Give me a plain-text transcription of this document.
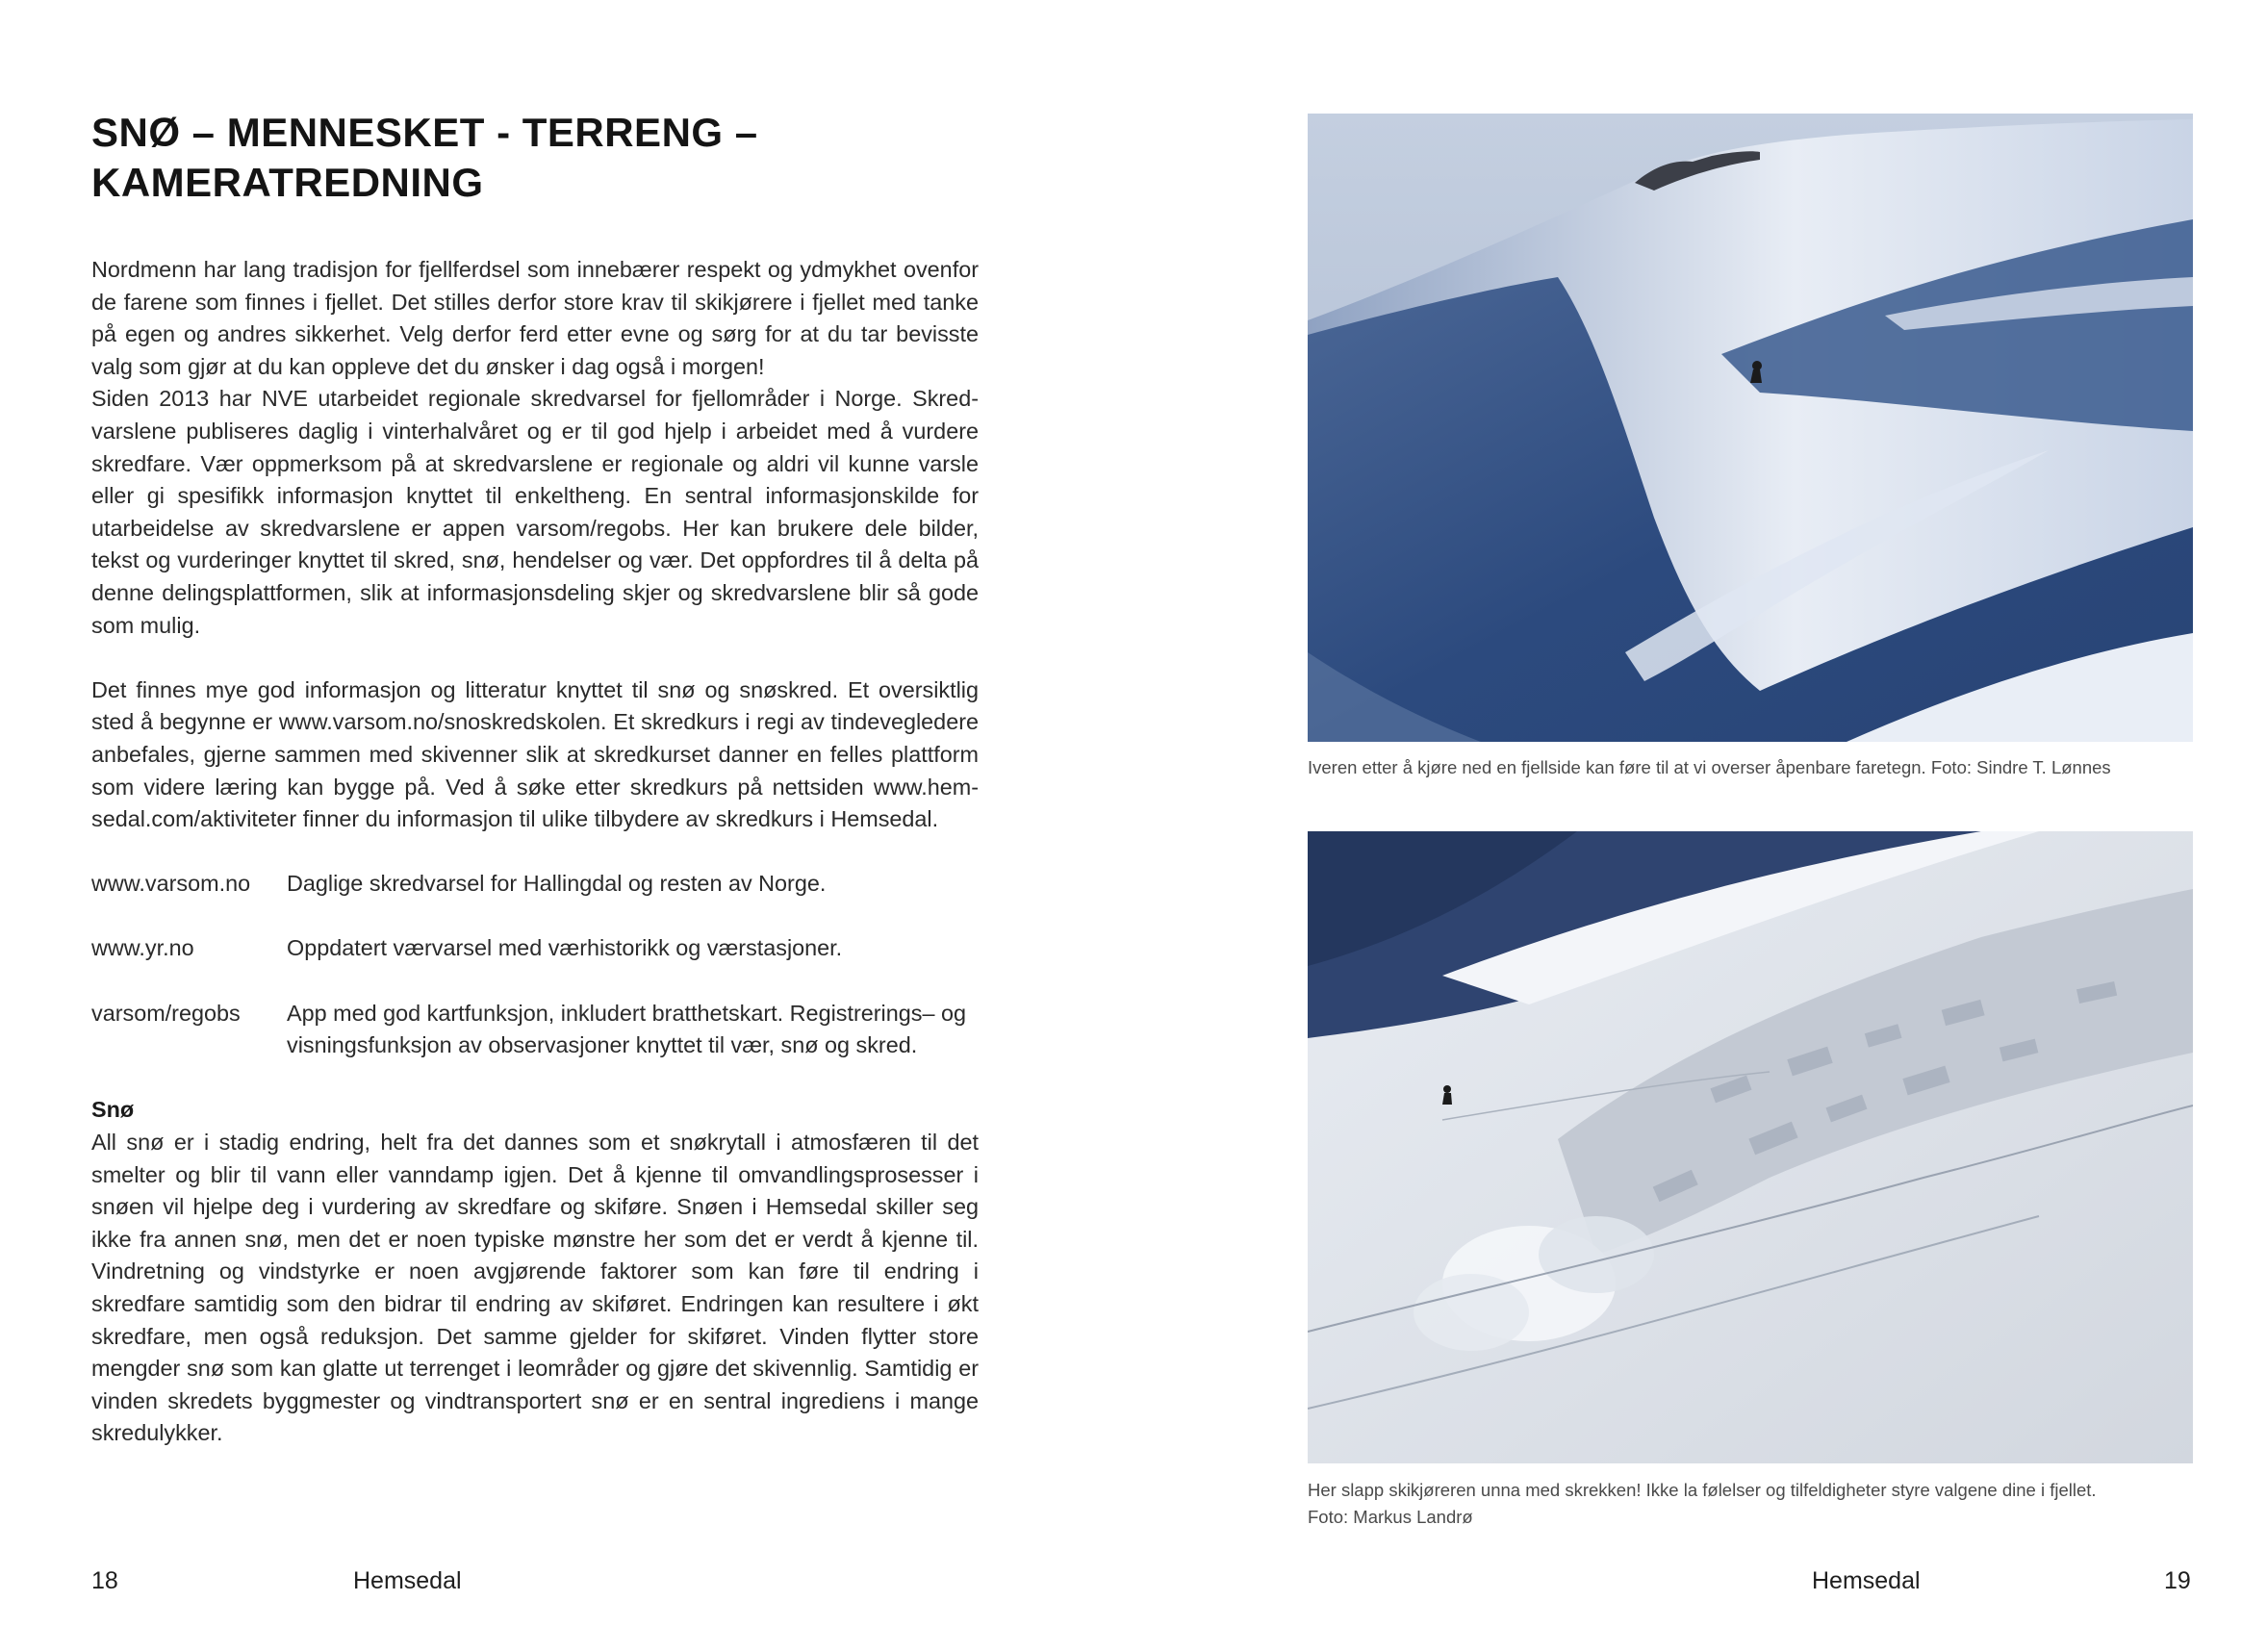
SNØ – MENNESKET - TERRENG –
KAMERATREDNING

Nordmenn har lang tradisjon for fjellferdsel som innebærer respekt og ydmykhet ovenfor de farene som finnes i fjellet. Det stilles derfor store krav til skikjørere i fjellet med tanke på egen og andres sikkerhet. Velg derfor ferd etter evne og sørg for at du tar bevisste valg som gjør at du kan oppleve det du ønsker i dag også i morgen!

Siden 2013 har NVE utarbeidet regionale skredvarsel for fjellområder i Norge. Skredvarslene publiseres daglig i vinterhalvåret og er til god hjelp i arbeidet med å vurdere skredfare. Vær oppmerksom på at skredvarslene er regionale og aldri vil kunne varsle eller gi spesifikk informasjon knyttet til enkeltheng. En sentral informasjonskilde for utarbeidelse av skredvarslene er appen varsom/regobs. Her kan brukere dele bilder, tekst og vurderinger knyttet til skred, snø, hendelser og vær. Det oppfordres til å delta på denne delingsplattformen, slik at informasjonsdeling skjer og skredvarslene blir så gode som mulig.

Det finnes mye god informasjon og litteratur knyttet til snø og snøskred. Et oversiktlig sted å begynne er www.varsom.no/snoskredskolen. Et skredkurs i regi av tindevegledere anbefales, gjerne sammen med skivenner slik at skredkurset danner en felles plattform som videre læring kan bygge på. Ved å søke etter skredkurs på nettsiden www.hemsedal.com/aktiviteter finner du informasjon til ulike tilbydere av skredkurs i Hemsedal.

www.varsom.no	Daglige skredvarsel for Hallingdal og resten av Norge.
www.yr.no	Oppdatert værvarsel med værhistorikk og værstasjoner.
varsom/regobs	App med god kartfunksjon, inkludert bratthetskart. Registrerings– og visningsfunksjon av observasjoner knyttet til vær, snø og skred.

Snø

All snø er i stadig endring, helt fra det dannes som et snøkrytall i atmosfæren til det smelter og blir til vann eller vanndamp igjen. Det å kjenne til omvandlingsprosesser i snøen vil hjelpe deg i vurdering av skredfare og skiføre. Snøen i Hemsedal skiller seg ikke fra annen snø, men det er noen typiske mønstre her som det er verdt å kjenne til. Vindretning og vindstyrke er noen avgjørende faktorer som kan føre til endring i skredfare samtidig som den bidrar til endring av skiføret. Endringen kan resultere i økt skredfare, men også reduksjon. Det samme gjelder for skiføret. Vinden flytter store mengder snø som kan glatte ut terrenget i leområder og gjøre det skivennlig. Samtidig er vinden skredets byggmester og vindtransportert snø er en sentral ingrediens i mange skredulykker.

18	Hemsedal
Iveren etter å kjøre ned en fjellside kan føre til at vi overser åpenbare faretegn. Foto: Sindre T. Lønnes
Her slapp skikjøreren unna med skrekken! Ikke la følelser og tilfeldigheter styre valgene dine i fjellet.
Foto: Markus Landrø
Hemsedal	19
